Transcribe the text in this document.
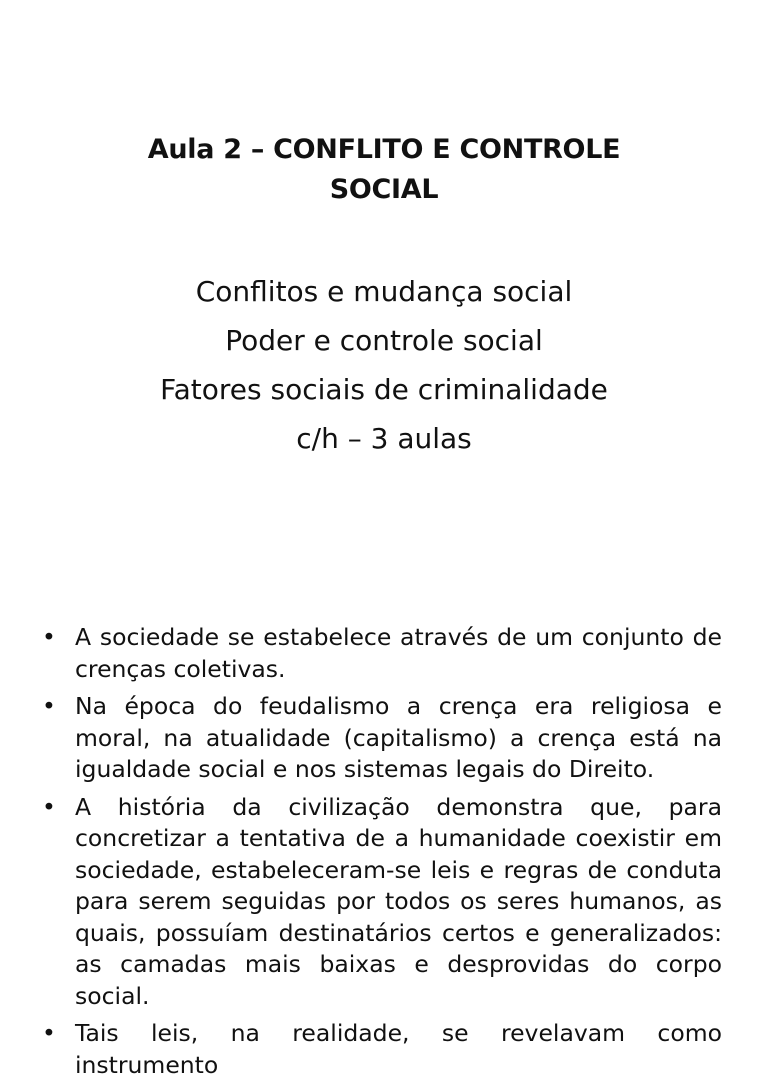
Aula 2 – CONFLITO E CONTROLE
SOCIAL
Conflitos e mudança social
Poder e controle social
Fatores sociais de criminalidade
c/h – 3 aulas
• A sociedade se estabelece através de um conjunto de crenças coletivas.
• Na época do feudalismo a crença era religiosa e moral, na atualidade (capitalismo) a crença está na igualdade social e nos sistemas legais do Direito.
• A história da civilização demonstra que, para concretizar a tentativa de a humanidade coexistir em sociedade, estabeleceram-se leis e regras de conduta para serem seguidas por todos os seres humanos, as quais, possuíam destinatários certos e generalizados: as camadas mais baixas e desprovidas do corpo social.
• Tais leis, na realidade, se revelavam como instrumento
